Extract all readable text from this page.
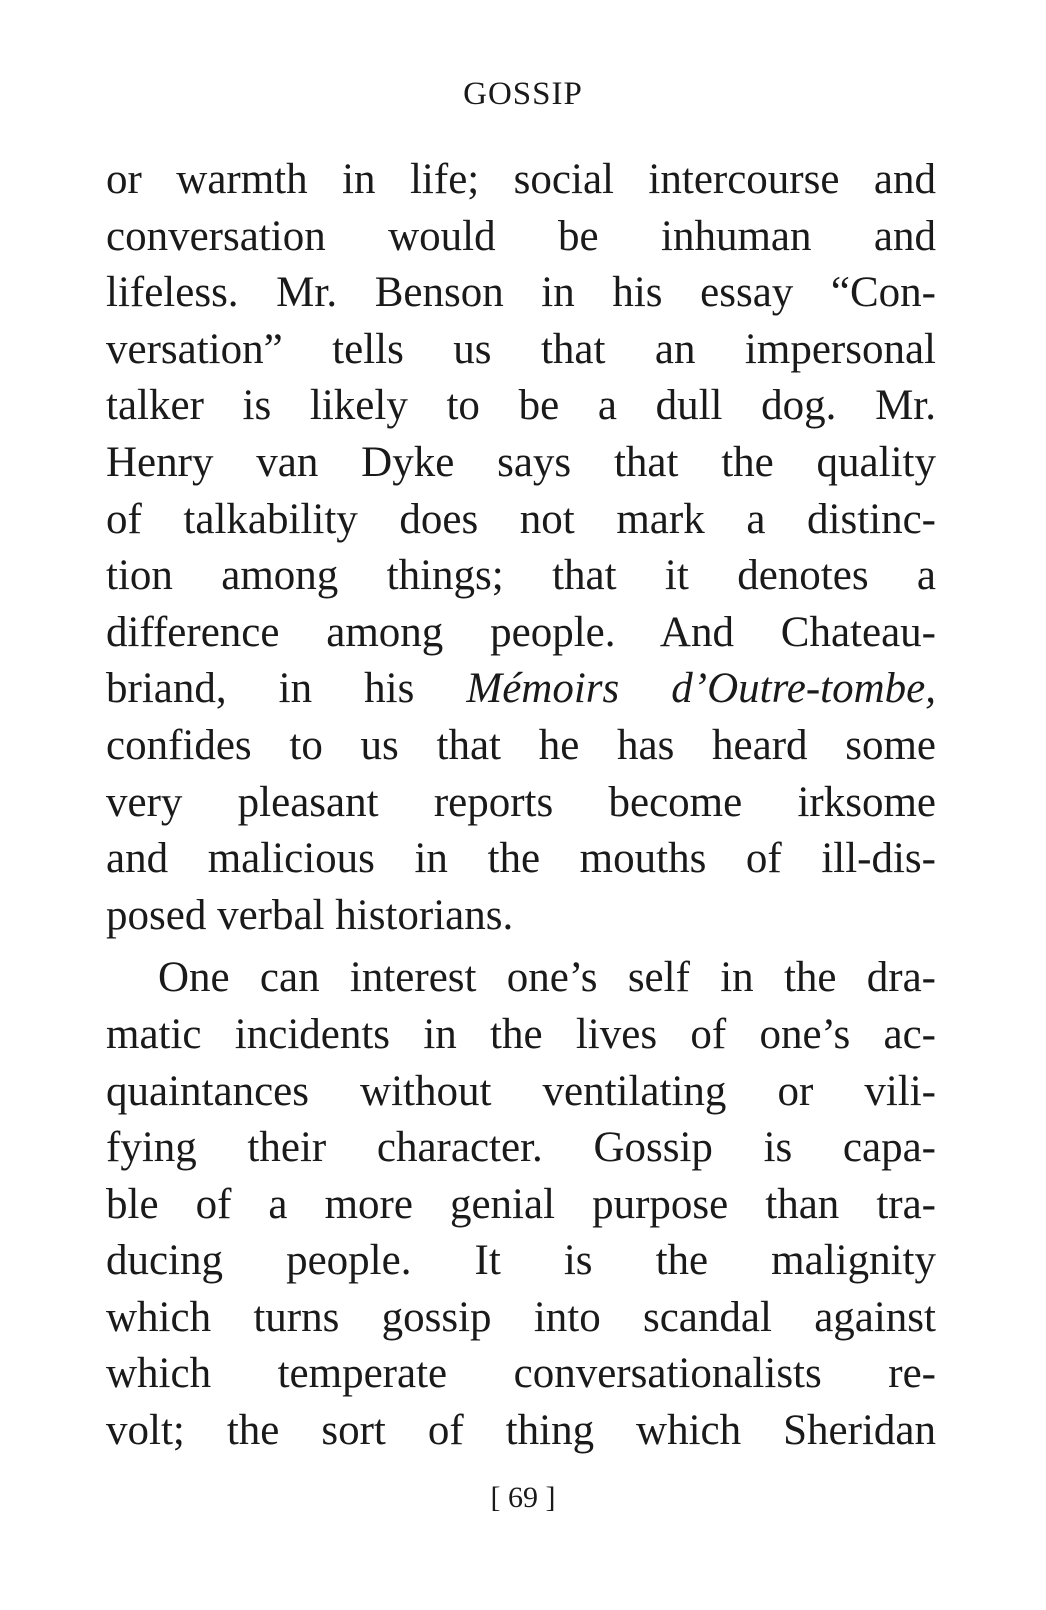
GOSSIP
or warmth in life; social intercourse and
conversation would be inhuman and
lifeless. Mr. Benson in his essay “Con-
versation” tells us that an impersonal
talker is likely to be a dull dog. Mr.
Henry van Dyke says that the quality
of talkability does not mark a distinc-
tion among things; that it denotes a
difference among people. And Chateau-
briand, in his Mémoirs d’Outre-tombe,
confides to us that he has heard some
very pleasant reports become irksome
and malicious in the mouths of ill-dis-
posed verbal historians.
One can interest one’s self in the dra-
matic incidents in the lives of one’s ac-
quaintances without ventilating or vili-
fying their character. Gossip is capa-
ble of a more genial purpose than tra-
ducing people. It is the malignity
which turns gossip into scandal against
which temperate conversationalists re-
volt; the sort of thing which Sheridan
[ 69 ]
